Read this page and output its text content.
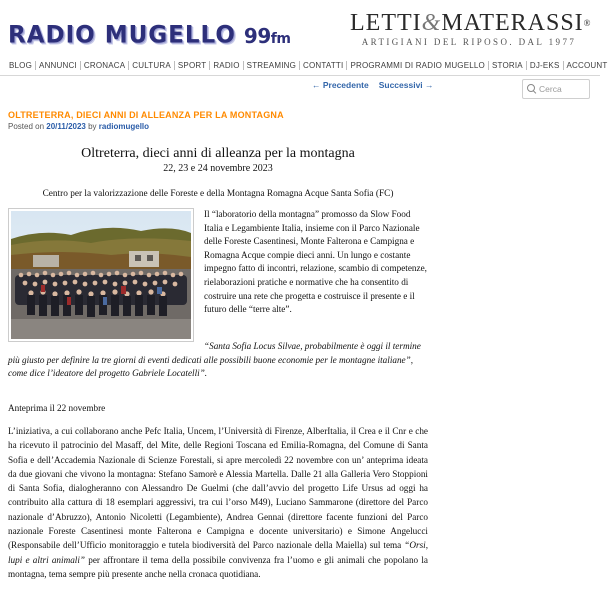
RADIO MUGELLO 99fm
LETTI&MATERASSI®
ARTIGIANI DEL RIPOSO. DAL 1977
BLOG ANNUNCI CRONACA CULTURA SPORT RADIO STREAMING CONTATTI PROGRAMMI DI RADIO MUGELLO STORIA DJ-EKS ACCOUNT
← Precedente Successivi →
Cerca
OLTRETERRA, DIECI ANNI DI ALLEANZA PER LA MONTAGNA
Posted on 20/11/2023 by radiomugello
Oltreterra, dieci anni di alleanza per la montagna
22, 23 e 24 novembre 2023
Centro per la valorizzazione delle Foreste e della Montagna Romagna Acque Santa Sofia (FC)
Il “laboratorio della montagna” promosso da Slow Food Italia e Legambiente Italia, insieme con il Parco Nazionale delle Foreste Casentinesi, Monte Falterona e Campigna e Romagna Acque compie dieci anni. Un lungo e costante impegno fatto di incontri, relazione, scambio di competenze, rielaborazioni pratiche e normative che ha consentito di costruire una rete che progetta e costruisce il presente e il futuro delle “terre alte”.
“Santa Sofia Locus Silvae, probabilmente è oggi il termine più giusto per definire la tre giorni di eventi dedicati alle possibili buone economie per le montagne italiane”, come dice l’ideatore del progetto Gabriele Locatelli”.
Anteprima il 22 novembre
L’iniziativa, a cui collaborano anche Pefc Italia, Uncem, l’Università di Firenze, AlberItalia, il Crea e il Cnr e che ha ricevuto il patrocinio del Masaff, del Mite, delle Regioni Toscana ed Emilia-Romagna, del Comune di Santa Sofia e dell’Accademia Nazionale di Scienze Forestali, si apre mercoledì 22 novembre con un’ anteprima ideata da due giovani che vivono la montagna: Stefano Samorè e Alessia Martella. Dalle 21 alla Galleria Vero Stoppioni di Santa Sofia, dialogheranno con Alessandro De Guelmi (che dall’avvio del progetto Life Ursus ad oggi ha contribuito alla cattura di 18 esemplari aggressivi, tra cui l’orso M49), Luciano Sammarone (direttore del Parco nazionale d’Abruzzo), Antonio Nicoletti (Legambiente), Andrea Gennai (direttore facente funzioni del Parco nazionale Foreste Casentinesi monte Falterona e Campigna e docente universitario) e Simone Angelucci (Responsabile dell’Ufficio monitoraggio e tutela biodiversità del Parco nazionale della Maiella) sul tema “Orsi, lupi e altri animali” per affrontare il tema della possibile convivenza fra l’uomo e gli animali che popolano la montagna, tema sempre più presente anche nella cronaca quotidiana.
